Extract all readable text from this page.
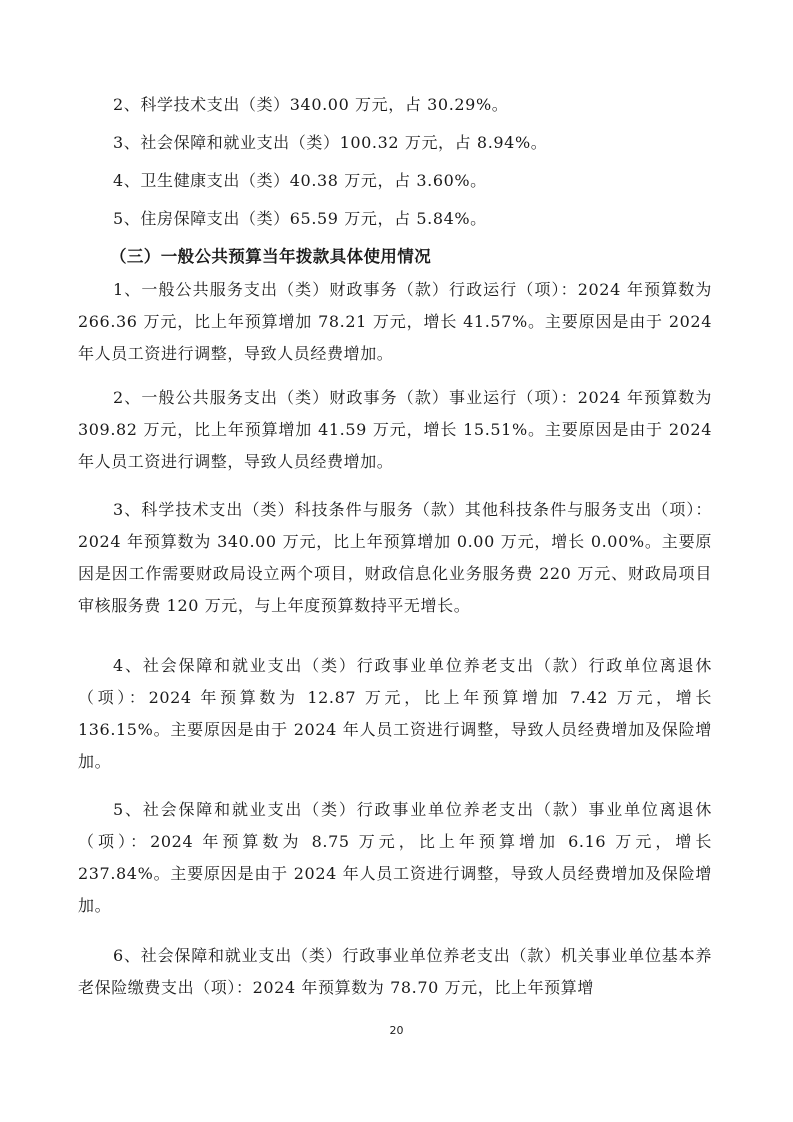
2、科学技术支出（类）340.00 万元，占 30.29%。
3、社会保障和就业支出（类）100.32 万元，占 8.94%。
4、卫生健康支出（类）40.38 万元，占 3.60%。
5、住房保障支出（类）65.59 万元，占 5.84%。
（三）一般公共预算当年拨款具体使用情况
1、一般公共服务支出（类）财政事务（款）行政运行（项）：2024 年预算数为 266.36 万元，比上年预算增加 78.21 万元，增长 41.57%。主要原因是由于 2024 年人员工资进行调整，导致人员经费增加。
2、一般公共服务支出（类）财政事务（款）事业运行（项）：2024 年预算数为 309.82 万元，比上年预算增加 41.59 万元，增长 15.51%。主要原因是由于 2024 年人员工资进行调整，导致人员经费增加。
3、科学技术支出（类）科技条件与服务（款）其他科技条件与服务支出（项）：2024 年预算数为 340.00 万元，比上年预算增加 0.00 万元，增长 0.00%。主要原因是因工作需要财政局设立两个项目，财政信息化业务服务费 220 万元、财政局项目审核服务费 120 万元，与上年度预算数持平无增长。
4、社会保障和就业支出（类）行政事业单位养老支出（款）行政单位离退休（项）：2024 年预算数为 12.87 万元，比上年预算增加 7.42 万元，增长 136.15%。主要原因是由于 2024 年人员工资进行调整，导致人员经费增加及保险增加。
5、社会保障和就业支出（类）行政事业单位养老支出（款）事业单位离退休（项）：2024 年预算数为 8.75 万元，比上年预算增加 6.16 万元，增长 237.84%。主要原因是由于 2024 年人员工资进行调整，导致人员经费增加及保险增加。
6、社会保障和就业支出（类）行政事业单位养老支出（款）机关事业单位基本养老保险缴费支出（项）：2024 年预算数为 78.70 万元，比上年预算增
20
